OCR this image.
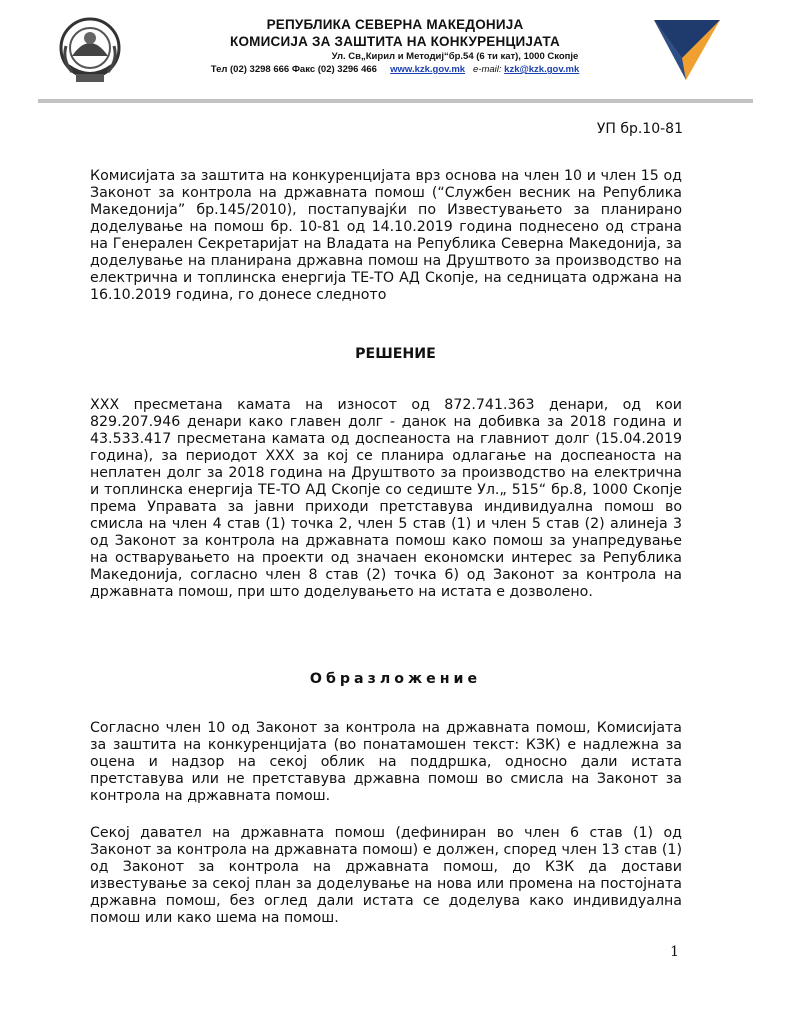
РЕПУБЛИКА СЕВЕРНА МАКЕДОНИЈА
КОМИСИЈА ЗА ЗАШТИТА НА КОНКУРЕНЦИЈАТА
Ул. Св„Кирил и Методиј“бр.54 (6 ти кат), 1000 Скопје
Тел (02) 3298 666 Факс (02) 3296 466 www.kzk.gov.mk e-mail: kzk@kzk.gov.mk
УП бр.10-81

Комисијата за заштита на конкуренцијата врз основа на член 10 и член 15 од Законот за контрола на државната помош (“Службен весник на Република Македонија” бр.145/2010), постапувајќи по Известувањето за планирано доделување на помош бр. 10-81 од 14.10.2019 година поднесено од страна на Генерален Секретаријат на Владата на Република Северна Македонија, за доделување на планирана државна помош на Друштвото за производство на електрична и топлинска енергија ТЕ-ТО АД Скопје, на седницата одржана на 16.10.2019 година, го донесе следното

РЕШЕНИЕ

XXX пресметана камата на износот од 872.741.363 денари, од кои 829.207.946 денари како главен долг - данок на добивка за 2018 година и 43.533.417 пресметана камата од доспеаноста на главниот долг (15.04.2019 година), за периодот XXX за кој се планира одлагање на доспеаноста на неплатен долг за 2018 година на Друштвото за производство на електрична и топлинска енергија ТЕ-ТО АД Скопје со седиште Ул.„ 515“ бр.8, 1000 Скопје према Управата за јавни приходи претставува индивидуална помош во смисла на член 4 став (1) точка 2, член 5 став (1) и член 5 став (2) алинеја 3 од Законот за контрола на државната помош како помош за унапредување на остварувањето на проекти од значаен економски интерес за Република Македонија, согласно член 8 став (2) точка 6) од Законот за контрола на државната помош, при што доделувањето на истата е дозволено.

Образложение

Согласно член 10 од Законот за контрола на државната помош, Комисијата за заштита на конкуренцијата (во понатамошен текст: КЗК) е надлежна за оцена и надзор на секој облик на поддршка, односно дали истата претставува или не претставува државна помош во смисла на Законот за контрола на државната помош.

Секој давател на државната помош (дефиниран во член 6 став (1) од Законот за контрола на државната помош) е должен, според член 13 став (1) од Законот за контрола на државната помош, до КЗК да достави известување за секој план за доделување на нова или промена на постојната државна помош, без оглед дали истата се доделува како индивидуална помош или како шема на помош.

1
